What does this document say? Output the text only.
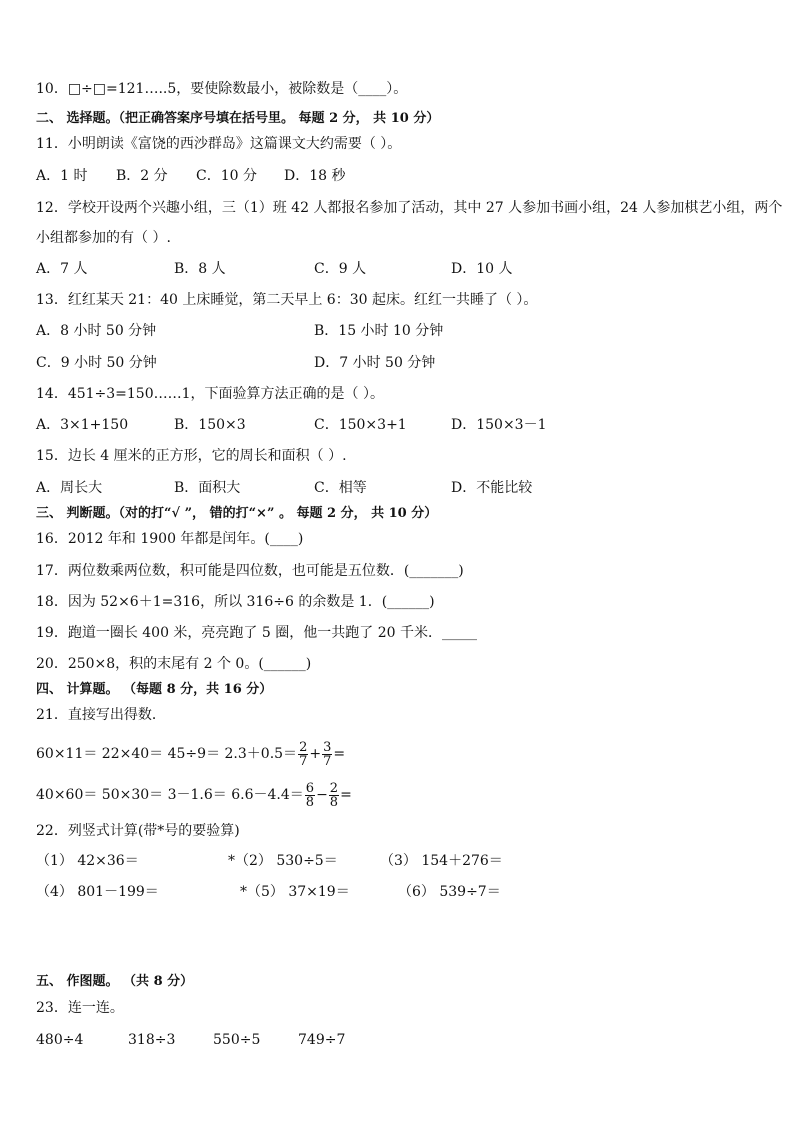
10．□÷□=121…..5，要使除数最小，被除数是（____）。
二、 选择题。（把正确答案序号填在括号里。 每题 2 分， 共 10 分）
11．小明朗读《富饶的西沙群岛》这篇课文大约需要（ ）。
A．1 时 B．2 分 C．10 分 D．18 秒
12．学校开设两个兴趣小组，三（1）班 42 人都报名参加了活动，其中 27 人参加书画小组，24 人参加棋艺小组，两个
小组都参加的有（ ）.
A．7 人	B．8 人	C．9 人	D．10 人
13．红红某天 21：40 上床睡觉，第二天早上 6：30 起床。红红一共睡了（ ）。
A．8 小时 50 分钟	B．15 小时 10 分钟
C．9 小时 50 分钟	D．7 小时 50 分钟
14．451÷3=150……1，下面验算方法正确的是（ ）。
A．3×1+150	B．150×3	C．150×3+1	D．150×3－1
15．边长 4 厘米的正方形，它的周长和面积（ ）.
A．周长大	B．面积大	C．相等	D．不能比较
三、 判断题。（对的打“√ ”， 错的打“×” 。 每题 2 分， 共 10 分）
16．2012 年和 1900 年都是闰年。(____)
17．两位数乘两位数，积可能是四位数，也可能是五位数．(_______)
18．因为 52×6＋1=316，所以 316÷6 的余数是 1．(______)
19．跑道一圈长 400 米，亮亮跑了 5 圈，他一共跑了 20 千米．_____
20．250×8，积的末尾有 2 个 0。(______)
四、 计算题。 （每题 8 分，共 16 分）
21．直接写出得数．
$60\times 11= 22\times 40= 45\div 9= 2.3+0.5= \frac{2}{7} + \frac{3}{7}$ =
$40\times 60= 50\times 30= 3-1.6= 6.6-4.4= \frac{6}{8} - \frac{2}{8}$ =
22．列竖式计算(带*号的要验算)
（1） 42×36＝	*（2） 530÷5＝	（3） 154＋276＝
（4） 801－199＝	*（5） 37×19＝	（6） 539÷7＝
五、 作图题。 （共 8 分）
23．连一连。
480÷4	318÷3	550÷5	749÷7
